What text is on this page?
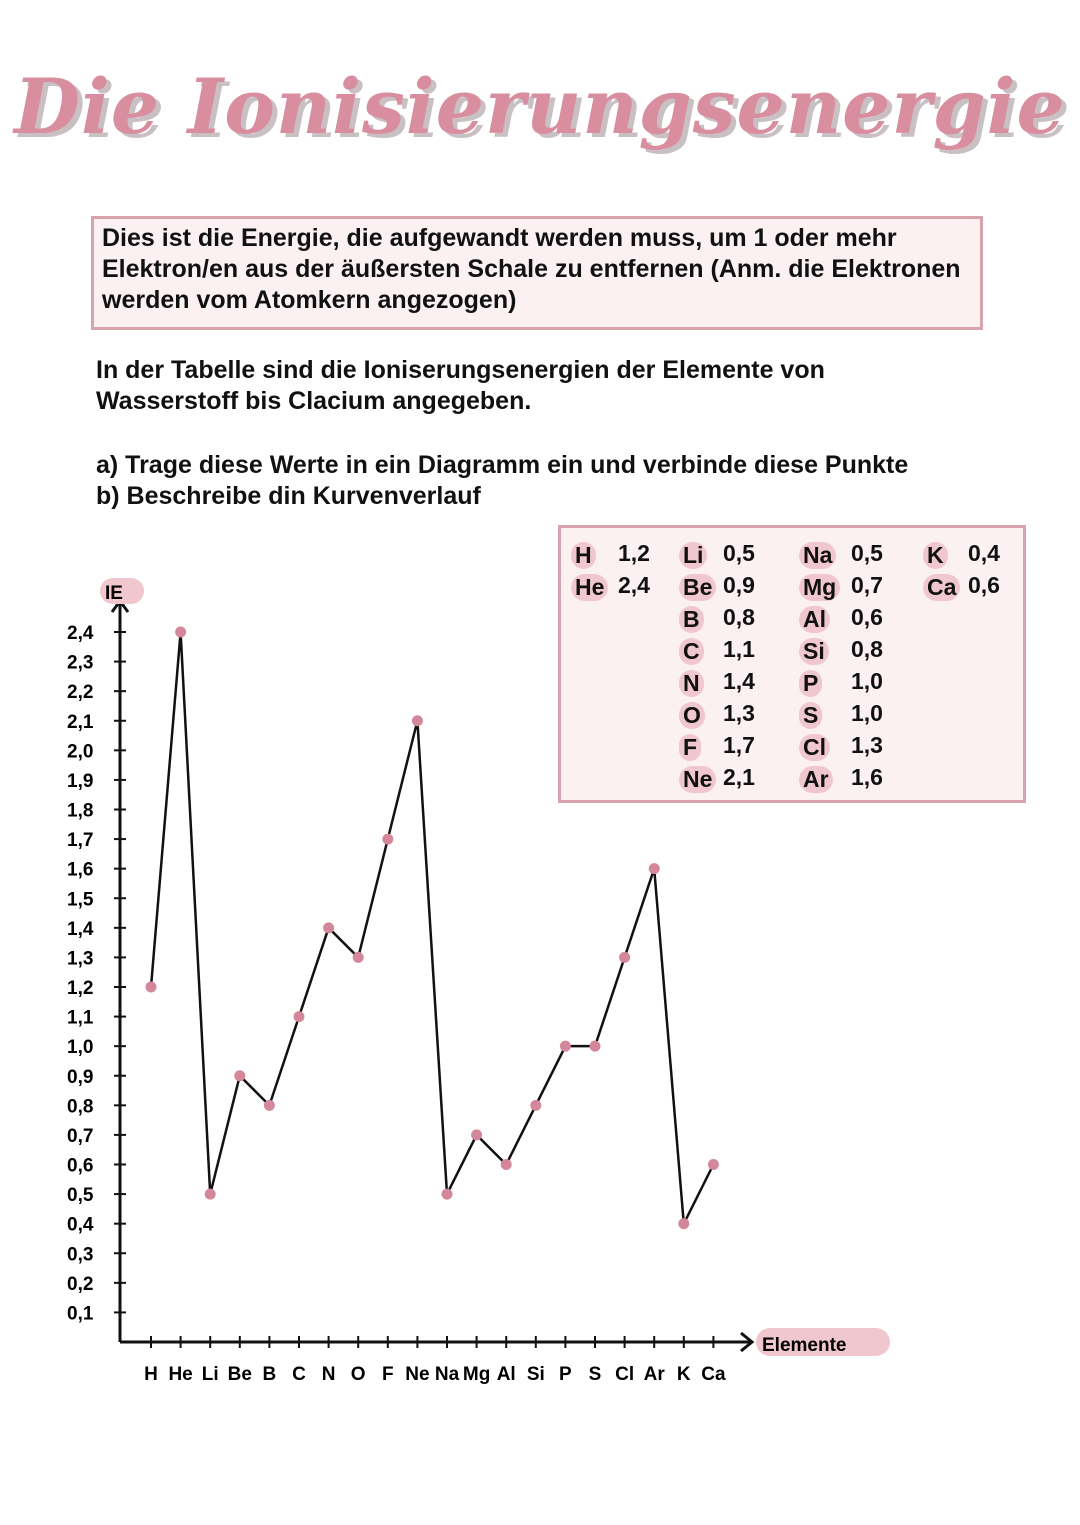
Die Ionisierungsenergie
Dies ist die Energie, die aufgewandt werden muss, um 1 oder mehr Elektron/en aus der äußersten Schale zu entfernen (Anm. die Elektronen werden vom Atomkern angezogen)
In der Tabelle sind die Ioniserungsenergien der Elemente von Wasserstoff bis Clacium angegeben.
a) Trage diese Werte in ein Diagramm ein und verbinde diese Punkte
b) Beschreibe din Kurvenverlauf
H 1,2
He 2,4
Li 0,5
Be 0,9
B 0,8
C 1,1
N 1,4
O 1,3
F 1,7
Ne 2,1
Na 0,5
Mg 0,7
Al 0,6
Si 0,8
P 1,0
S 1,0
Cl 1,3
Ar 1,6
K 0,4
Ca 0,6
IE
Elemente
0,1
0,2
0,3
0,4
0,5
0,6
0,7
0,8
0,9
1,0
1,1
1,2
1,3
1,4
1,5
1,6
1,7
1,8
1,9
2,0
2,1
2,2
2,3
2,4
H He Li Be B C N O F Ne Na Mg Al Si P S Cl Ar K Ca
